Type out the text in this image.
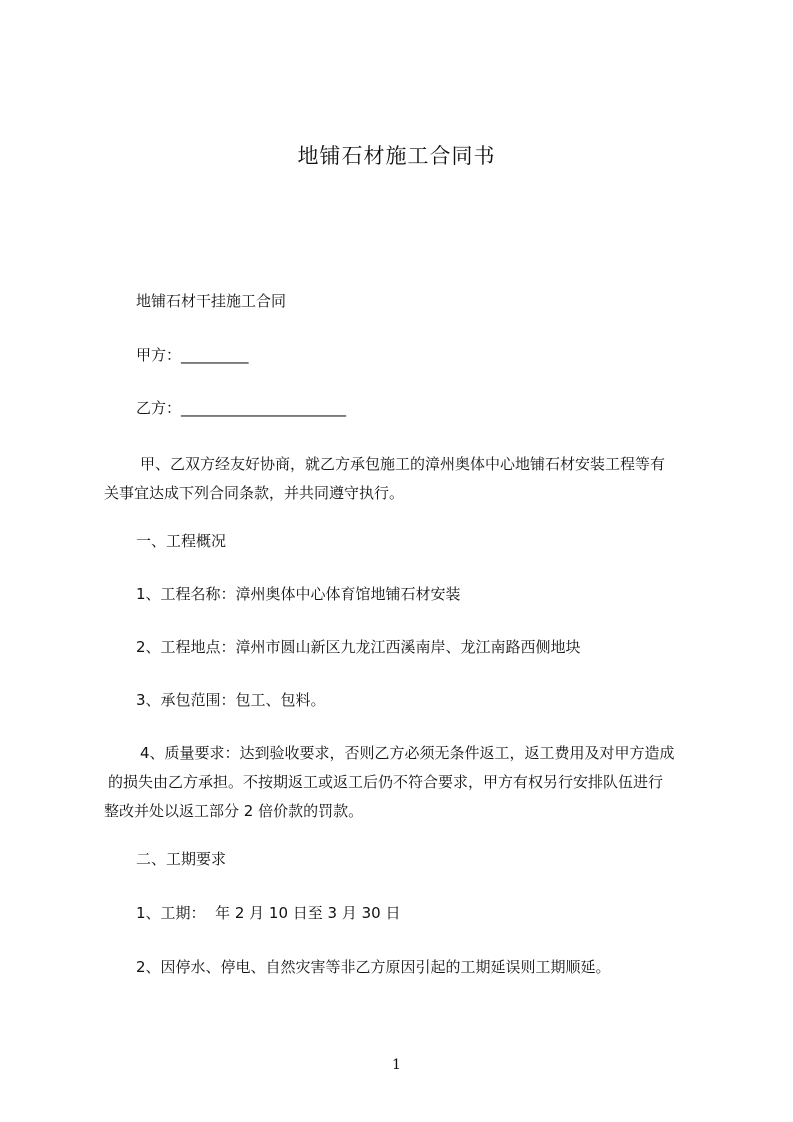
地铺石材施工合同书
地铺石材干挂施工合同
甲方：_________
乙方：______________________
甲、乙双方经友好协商，就乙方承包施工的漳州奥体中心地铺石材安装工程等有
关事宜达成下列合同条款，并共同遵守执行。
一、工程概况
1、工程名称：漳州奥体中心体育馆地铺石材安装
2、工程地点：漳州市圆山新区九龙江西溪南岸、龙江南路西侧地块
3、承包范围：包工、包料。
4、质量要求：达到验收要求，否则乙方必须无条件返工，返工费用及对甲方造成
的损失由乙方承担。不按期返工或返工后仍不符合要求，甲方有权另行安排队伍进行
整改并处以返工部分 2 倍价款的罚款。
二、工期要求
1、工期：  年 2 月 10 日至 3 月 30 日
2、因停水、停电、自然灾害等非乙方原因引起的工期延误则工期顺延。
1
